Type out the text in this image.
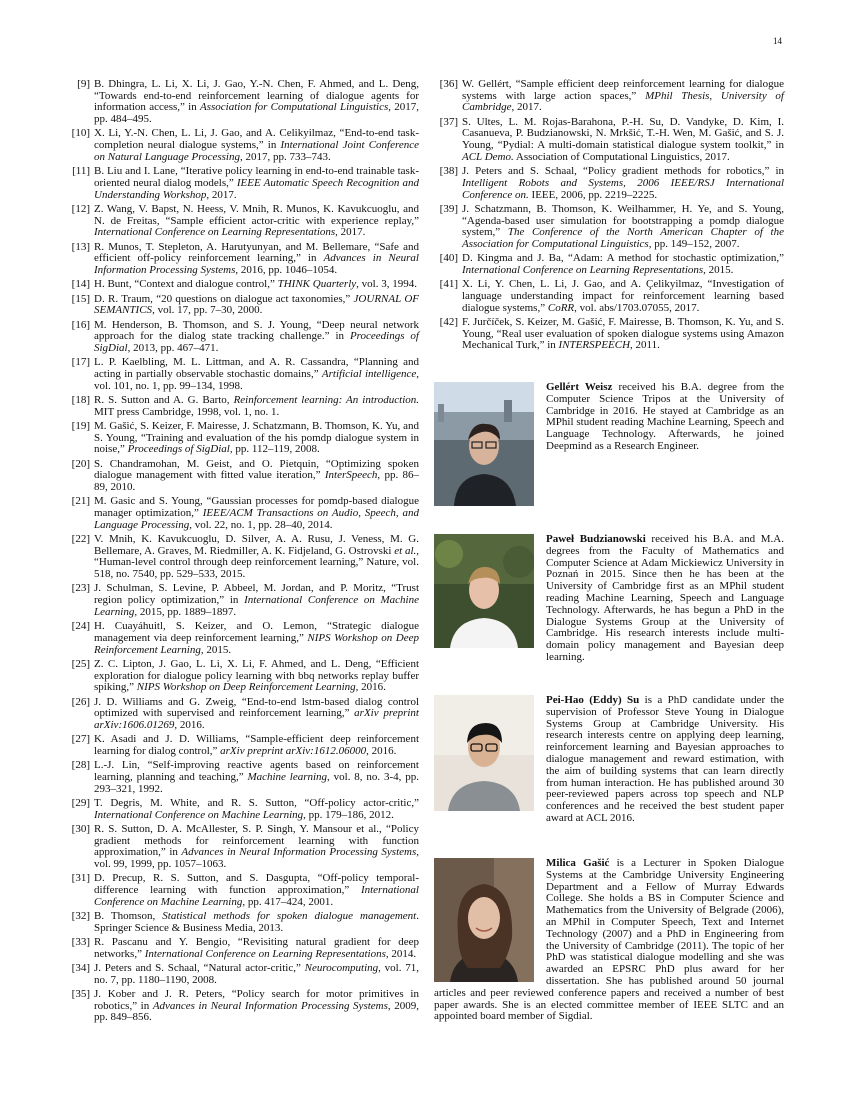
14
[9] B. Dhingra, L. Li, X. Li, J. Gao, Y.-N. Chen, F. Ahmed, and L. Deng, “Towards end-to-end reinforcement learning of dialogue agents for information access,” in Association for Computational Linguistics, 2017, pp. 484–495.
[10] X. Li, Y.-N. Chen, L. Li, J. Gao, and A. Celikyilmaz, “End-to-end task-completion neural dialogue systems,” in International Joint Conference on Natural Language Processing, 2017, pp. 733–743.
[11] B. Liu and I. Lane, “Iterative policy learning in end-to-end trainable task-oriented neural dialog models,” IEEE Automatic Speech Recognition and Understanding Workshop, 2017.
[12] Z. Wang, V. Bapst, N. Heess, V. Mnih, R. Munos, K. Kavukcuoglu, and N. de Freitas, “Sample efficient actor-critic with experience replay,” International Conference on Learning Representations, 2017.
[13] R. Munos, T. Stepleton, A. Harutyunyan, and M. Bellemare, “Safe and efficient off-policy reinforcement learning,” in Advances in Neural Information Processing Systems, 2016, pp. 1046–1054.
[14] H. Bunt, “Context and dialogue control,” THINK Quarterly, vol. 3, 1994.
[15] D. R. Traum, “20 questions on dialogue act taxonomies,” JOURNAL OF SEMANTICS, vol. 17, pp. 7–30, 2000.
[16] M. Henderson, B. Thomson, and S. J. Young, “Deep neural network approach for the dialog state tracking challenge.” in Proceedings of SigDial, 2013, pp. 467–471.
[17] L. P. Kaelbling, M. L. Littman, and A. R. Cassandra, “Planning and acting in partially observable stochastic domains,” Artificial intelligence, vol. 101, no. 1, pp. 99–134, 1998.
[18] R. S. Sutton and A. G. Barto, Reinforcement learning: An introduction. MIT press Cambridge, 1998, vol. 1, no. 1.
[19] M. Gašić, S. Keizer, F. Mairesse, J. Schatzmann, B. Thomson, K. Yu, and S. Young, “Training and evaluation of the his pomdp dialogue system in noise,” Proceedings of SigDial, pp. 112–119, 2008.
[20] S. Chandramohan, M. Geist, and O. Pietquin, “Optimizing spoken dialogue management with fitted value iteration,” InterSpeech, pp. 86–89, 2010.
[21] M. Gasic and S. Young, “Gaussian processes for pomdp-based dialogue manager optimization,” IEEE/ACM Transactions on Audio, Speech, and Language Processing, vol. 22, no. 1, pp. 28–40, 2014.
[22] V. Mnih, K. Kavukcuoglu, D. Silver, A. A. Rusu, J. Veness, M. G. Bellemare, A. Graves, M. Riedmiller, A. K. Fidjeland, G. Ostrovski et al., “Human-level control through deep reinforcement learning,” Nature, vol. 518, no. 7540, pp. 529–533, 2015.
[23] J. Schulman, S. Levine, P. Abbeel, M. Jordan, and P. Moritz, “Trust region policy optimization,” in International Conference on Machine Learning, 2015, pp. 1889–1897.
[24] H. Cuayáhuitl, S. Keizer, and O. Lemon, “Strategic dialogue management via deep reinforcement learning,” NIPS Workshop on Deep Reinforcement Learning, 2015.
[25] Z. C. Lipton, J. Gao, L. Li, X. Li, F. Ahmed, and L. Deng, “Efficient exploration for dialogue policy learning with bbq networks replay buffer spiking,” NIPS Workshop on Deep Reinforcement Learning, 2016.
[26] J. D. Williams and G. Zweig, “End-to-end lstm-based dialog control optimized with supervised and reinforcement learning,” arXiv preprint arXiv:1606.01269, 2016.
[27] K. Asadi and J. D. Williams, “Sample-efficient deep reinforcement learning for dialog control,” arXiv preprint arXiv:1612.06000, 2016.
[28] L.-J. Lin, “Self-improving reactive agents based on reinforcement learning, planning and teaching,” Machine learning, vol. 8, no. 3-4, pp. 293–321, 1992.
[29] T. Degris, M. White, and R. S. Sutton, “Off-policy actor-critic,” International Conference on Machine Learning, pp. 179–186, 2012.
[30] R. S. Sutton, D. A. McAllester, S. P. Singh, Y. Mansour et al., “Policy gradient methods for reinforcement learning with function approximation,” in Advances in Neural Information Processing Systems, vol. 99, 1999, pp. 1057–1063.
[31] D. Precup, R. S. Sutton, and S. Dasgupta, “Off-policy temporal-difference learning with function approximation,” International Conference on Machine Learning, pp. 417–424, 2001.
[32] B. Thomson, Statistical methods for spoken dialogue management. Springer Science & Business Media, 2013.
[33] R. Pascanu and Y. Bengio, “Revisiting natural gradient for deep networks,” International Conference on Learning Representations, 2014.
[34] J. Peters and S. Schaal, “Natural actor-critic,” Neurocomputing, vol. 71, no. 7, pp. 1180–1190, 2008.
[35] J. Kober and J. R. Peters, “Policy search for motor primitives in robotics,” in Advances in Neural Information Processing Systems, 2009, pp. 849–856.
[36] W. Gellért, “Sample efficient deep reinforcement learning for dialogue systems with large action spaces,” MPhil Thesis, University of Cambridge, 2017.
[37] S. Ultes, L. M. Rojas-Barahona, P.-H. Su, D. Vandyke, D. Kim, I. Casanueva, P. Budzianowski, N. Mrkšić, T.-H. Wen, M. Gašić, and S. J. Young, “Pydial: A multi-domain statistical dialogue system toolkit,” in ACL Demo. Association of Computational Linguistics, 2017.
[38] J. Peters and S. Schaal, “Policy gradient methods for robotics,” in Intelligent Robots and Systems, 2006 IEEE/RSJ International Conference on. IEEE, 2006, pp. 2219–2225.
[39] J. Schatzmann, B. Thomson, K. Weilhammer, H. Ye, and S. Young, “Agenda-based user simulation for bootstrapping a pomdp dialogue system,” The Conference of the North American Chapter of the Association for Computational Linguistics, pp. 149–152, 2007.
[40] D. Kingma and J. Ba, “Adam: A method for stochastic optimization,” International Conference on Learning Representations, 2015.
[41] X. Li, Y. Chen, L. Li, J. Gao, and A. Çelikyilmaz, “Investigation of language understanding impact for reinforcement learning based dialogue systems,” CoRR, vol. abs/1703.07055, 2017.
[42] F. Jurčíček, S. Keizer, M. Gašić, F. Mairesse, B. Thomson, K. Yu, and S. Young, “Real user evaluation of spoken dialogue systems using Amazon Mechanical Turk,” in INTERSPEECH, 2011.
Gellért Weisz received his B.A. degree from the Computer Science Tripos at the University of Cambridge in 2016. He stayed at Cambridge as an MPhil student reading Machine Learning, Speech and Language Technology. Afterwards, he joined Deepmind as a Research Engineer.
Paweł Budzianowski received his B.A. and M.A. degrees from the Faculty of Mathematics and Computer Science at Adam Mickiewicz University in Poznań in 2015. Since then he has been at the University of Cambridge first as an MPhil student reading Machine Learning, Speech and Language Technology. Afterwards, he has begun a PhD in the Dialogue Systems Group at the University of Cambridge. His research interests include multi-domain policy management and Bayesian deep learning.
Pei-Hao (Eddy) Su is a PhD candidate under the supervision of Professor Steve Young in Dialogue Systems Group at Cambridge University. His research interests centre on applying deep learning, reinforcement learning and Bayesian approaches to dialogue management and reward estimation, with the aim of building systems that can learn directly from human interaction. He has published around 30 peer-reviewed papers across top speech and NLP conferences and he received the best student paper award at ACL 2016.
Milica Gašić is a Lecturer in Spoken Dialogue Systems at the Cambridge University Engineering Department and a Fellow of Murray Edwards College. She holds a BS in Computer Science and Mathematics from the University of Belgrade (2006), an MPhil in Computer Speech, Text and Internet Technology (2007) and a PhD in Engineering from the University of Cambridge (2011). The topic of her PhD was statistical dialogue modelling and she was awarded an EPSRC PhD plus award for her dissertation. She has published around 50 journal articles and peer reviewed conference papers and received a number of best paper awards. She is an elected committee member of IEEE SLTC and an appointed board member of Sigdial.
